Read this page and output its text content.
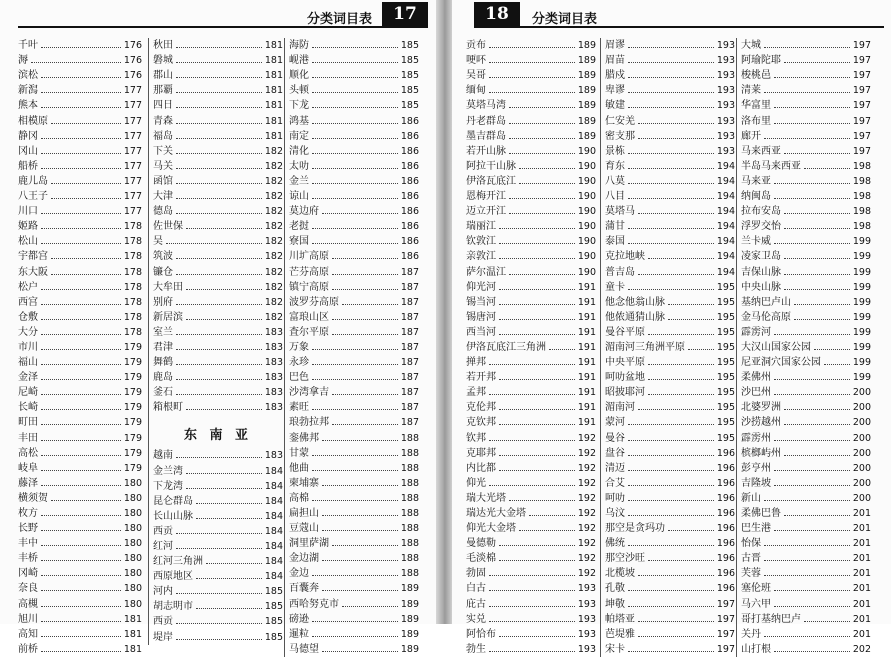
分类词目表	17
千叶	176
溽	176
滨松	176
新澙	177
熊本	177
相模原	177
静冈	177
冈山	177
船桥	177
鹿儿岛	177
八王子	177
川口	177
姬路	178
松山	178
宇都宫	178
东大阪	178
松户	178
西宫	178
仓敷	178
大分	178
市川	179
福山	179
金泽	179
尼崎	179
长崎	179
町田	179
丰田	179
高松	179
岐阜	179
藤泽	180
横须贺	180
枚方	180
长野	180
丰中	180
丰桥	180
冈崎	180
奈良	180
高槻	180
旭川	181
高知	181
前桥	181
秋田	181
磐城	181
郡山	181
那覇	181
四日	181
青森	181
福岛	181
下关	182
马关	182
函馆	182
大津	182
德岛	182
佐世保	182
吴	182
筑波	182
镰仓	182
大牟田	182
别府	182
新居滨	182
室兰	183
君津	183
舞鹤	183
鹿岛	183
釜石	183
箱根町	183
东 南 亚
越南	183
金兰湾	184
下龙湾	184
昆仑群岛	184
长山山脉	184
西贡	184
红河	184
红河三角洲	184
西原地区	184
河内	185
胡志明市	185
西贡	185
堤岸	185
海防	185
岘港	185
顺化	185
头顿	185
下龙	185
鸿基	186
南定	186
清化	186
太叻	186
金兰	186
谅山	186
莫边府	186
老挝	186
寮国	186
川圹高原	186
芒芬高原	187
镇宁高原	187
波罗芬高原	187
富琅山区	187
査尔平原	187
万象	187
永珍	187
巴色	187
沙湾拿吉	187
素旺	187
琅勃拉邦	187
銮佛邦	188
甘蒙	188
他曲	188
柬埔寨	188
高棉	188
扁担山	188
豆蔻山	188
洞里萨湖	188
金边湖	188
金边	188
百囊奔	189
西哈努克市	189
磅逊	189
暹粒	189
马德望	189
18	分类词目表
贡布	189
哽吥	189
吴哥	189
缅甸	189
莫塔马湾	189
丹老群岛	189
墨吉群岛	189
若开山脉	190
阿拉干山脉	190
伊洛瓦底江	190
恩梅开江	190
迈立开江	190
瑞丽江	190
钦敦江	190
亲敦江	190
萨尔温江	190
仰光河	191
锡当河	191
锡唐河	191
西当河	191
伊洛瓦底江三角洲	191
掸邦	191
若开邦	191
孟邦	191
克伦邦	191
克钦邦	191
钦邦	192
克耶邦	192
内比都	192
仰光	192
瑞大光塔	192
瑞达光大金塔	192
仰光大金塔	192
曼德勒	192
毛淡棉	192
勃固	192
白古	193
庇古	193
实兑	193
阿恰布	193
勃生	193
眉谬	193
眉苗	193
腊戍	193
卑谬	193
敏建	193
仁安羌	193
密支那	193
景栋	193
育东	194
八莫	194
八目	194
莫塔马	194
蒲甘	194
泰国	194
克拉地峡	194
普吉岛	194
童卡	195
他念他翁山脉	195
他侬通猜山脉	195
曼谷平原	195
湄南河三角洲平原	195
中央平原	195
呵叻盆地	195
昭披耶河	195
湄南河	195
蒙河	195
曼谷	195
盘谷	196
清迈	196
合艾	196
呵叻	196
乌汶	196
那空是贪玛功	196
佛统	196
那空沙旺	196
北榄坡	196
孔敬	196
坤敬	197
帕塔亚	197
芭堤雅	197
宋卡	197
大城	197
阿瑜陀耶	197
梭桃邑	197
清莱	197
华富里	197
洛布里	197
廊开	197
马来西亚	197
半岛马来西亚	198
马来亚	198
纳闽岛	198
拉布安岛	198
浮罗交怡	198
兰卡威	199
凌家卫岛	199
吉保山脉	199
中央山脉	199
基纳巴卢山	199
金马伦高原	199
霹雳河	199
大汉山国家公园	199
尼亚洞穴国家公园	199
柔佛州	199
沙巴州	200
北婆罗洲	200
沙捞越州	200
霹雳州	200
槟榔屿州	200
彭亨州	200
吉隆坡	200
新山	200
柔佛巴鲁	201
巴生港	201
怡保	201
古晋	201
芙蓉	201
塞伦班	201
马六甲	201
哥打基纳巴卢	201
关丹	201
山打根	202
